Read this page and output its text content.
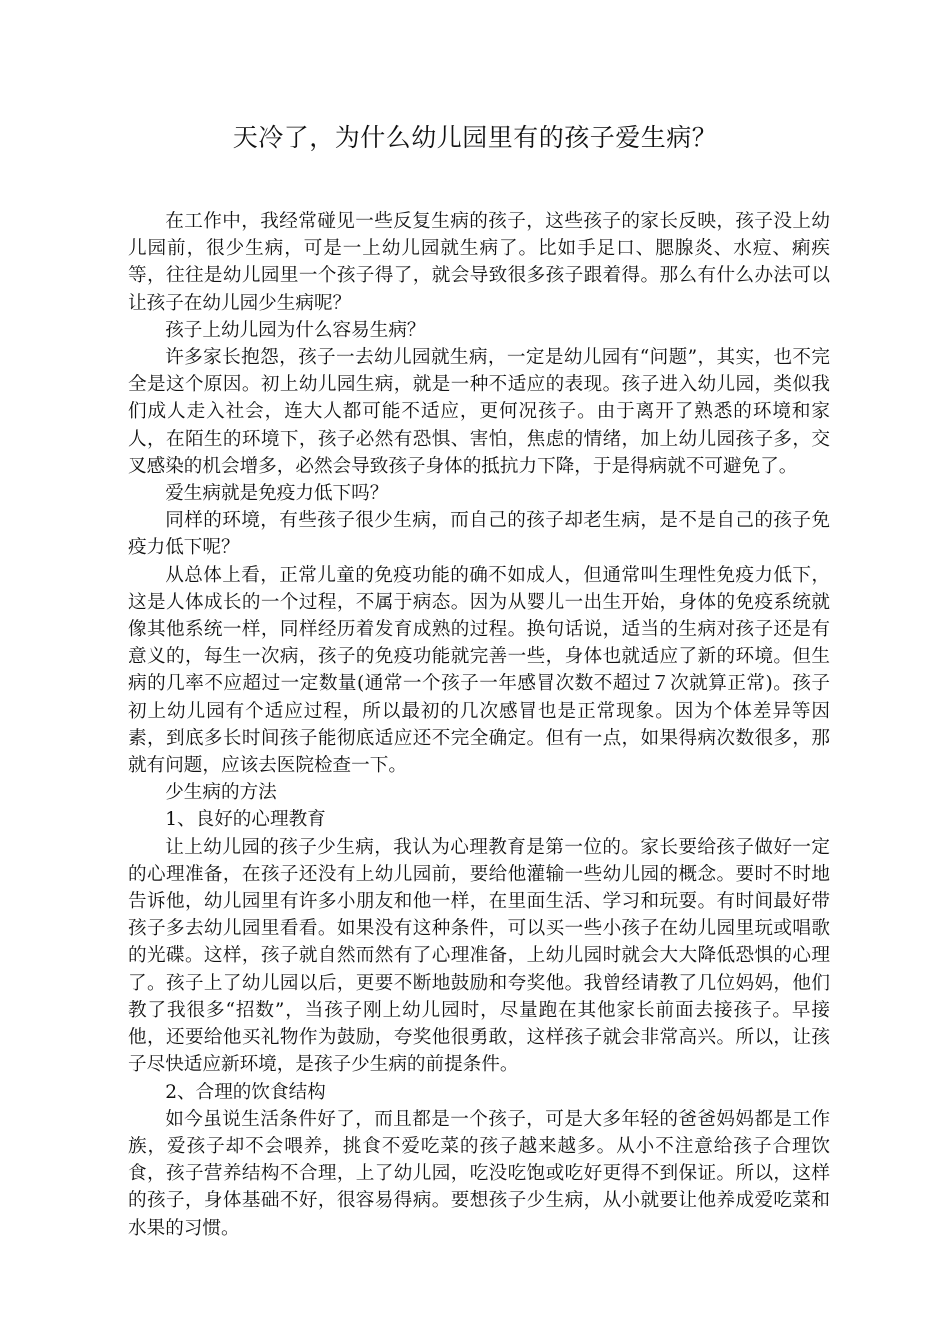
天冷了，为什么幼儿园里有的孩子爱生病？

在工作中，我经常碰见一些反复生病的孩子，这些孩子的家长反映，孩子没上幼儿园前，很少生病，可是一上幼儿园就生病了。比如手足口、腮腺炎、水痘、痢疾等，往往是幼儿园里一个孩子得了，就会导致很多孩子跟着得。那么有什么办法可以让孩子在幼儿园少生病呢？

孩子上幼儿园为什么容易生病？

许多家长抱怨，孩子一去幼儿园就生病，一定是幼儿园有“问题”，其实，也不完全是这个原因。初上幼儿园生病，就是一种不适应的表现。孩子进入幼儿园，类似我们成人走入社会，连大人都可能不适应，更何况孩子。由于离开了熟悉的环境和家人，在陌生的环境下，孩子必然有恐惧、害怕，焦虑的情绪，加上幼儿园孩子多，交叉感染的机会增多，必然会导致孩子身体的抵抗力下降，于是得病就不可避免了。

爱生病就是免疫力低下吗？

同样的环境，有些孩子很少生病，而自己的孩子却老生病，是不是自己的孩子免疫力低下呢？

从总体上看，正常儿童的免疫功能的确不如成人，但通常叫生理性免疫力低下，这是人体成长的一个过程，不属于病态。因为从婴儿一出生开始，身体的免疫系统就像其他系统一样，同样经历着发育成熟的过程。换句话说，适当的生病对孩子还是有意义的，每生一次病，孩子的免疫功能就完善一些，身体也就适应了新的环境。但生病的几率不应超过一定数量(通常一个孩子一年感冒次数不超过７次就算正常)。孩子初上幼儿园有个适应过程，所以最初的几次感冒也是正常现象。因为个体差异等因素，到底多长时间孩子能彻底适应还不完全确定。但有一点，如果得病次数很多，那就有问题，应该去医院检查一下。

少生病的方法

1、良好的心理教育

让上幼儿园的孩子少生病，我认为心理教育是第一位的。家长要给孩子做好一定的心理准备，在孩子还没有上幼儿园前，要给他灌输一些幼儿园的概念。要时不时地告诉他，幼儿园里有许多小朋友和他一样，在里面生活、学习和玩耍。有时间最好带孩子多去幼儿园里看看。如果没有这种条件，可以买一些小孩子在幼儿园里玩或唱歌的光碟。这样，孩子就自然而然有了心理准备，上幼儿园时就会大大降低恐惧的心理了。孩子上了幼儿园以后，更要不断地鼓励和夸奖他。我曾经请教了几位妈妈，他们教了我很多“招数”，当孩子刚上幼儿园时，尽量跑在其他家长前面去接孩子。早接他，还要给他买礼物作为鼓励，夸奖他很勇敢，这样孩子就会非常高兴。所以，让孩子尽快适应新环境，是孩子少生病的前提条件。

2、合理的饮食结构

如今虽说生活条件好了，而且都是一个孩子，可是大多年轻的爸爸妈妈都是工作族，爱孩子却不会喂养，挑食不爱吃菜的孩子越来越多。从小不注意给孩子合理饮食，孩子营养结构不合理，上了幼儿园，吃没吃饱或吃好更得不到保证。所以，这样的孩子，身体基础不好，很容易得病。要想孩子少生病，从小就要让他养成爱吃菜和水果的习惯。
